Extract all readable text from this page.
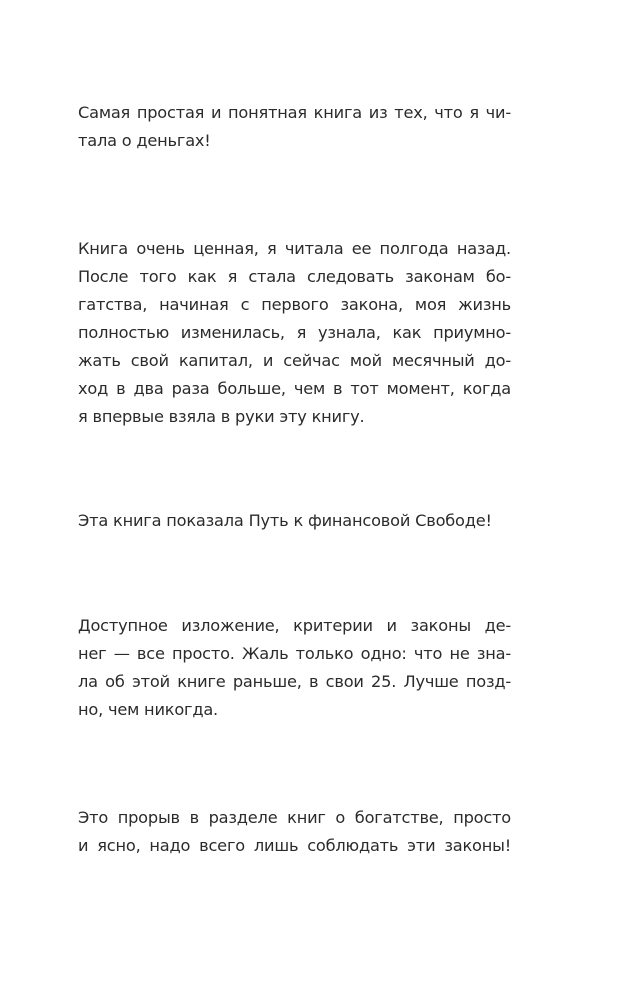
Самая простая и понятная книга из тех, что я чи-
тала о деньгах!
Книга очень ценная, я читала ее полгода назад.
После того как я стала следовать законам бо-
гатства, начиная с первого закона, моя жизнь
полностью изменилась, я узнала, как приумно-
жать свой капитал, и сейчас мой месячный до-
ход в два раза больше, чем в тот момент, когда
я впервые взяла в руки эту книгу.
Эта книга показала Путь к финансовой Свободе!
Доступное изложение, критерии и законы де-
нег — все просто. Жаль только одно: что не зна-
ла об этой книге раньше, в свои 25. Лучше позд-
но, чем никогда.
Это прорыв в разделе книг о богатстве, просто
и ясно, надо всего лишь соблюдать эти законы!
